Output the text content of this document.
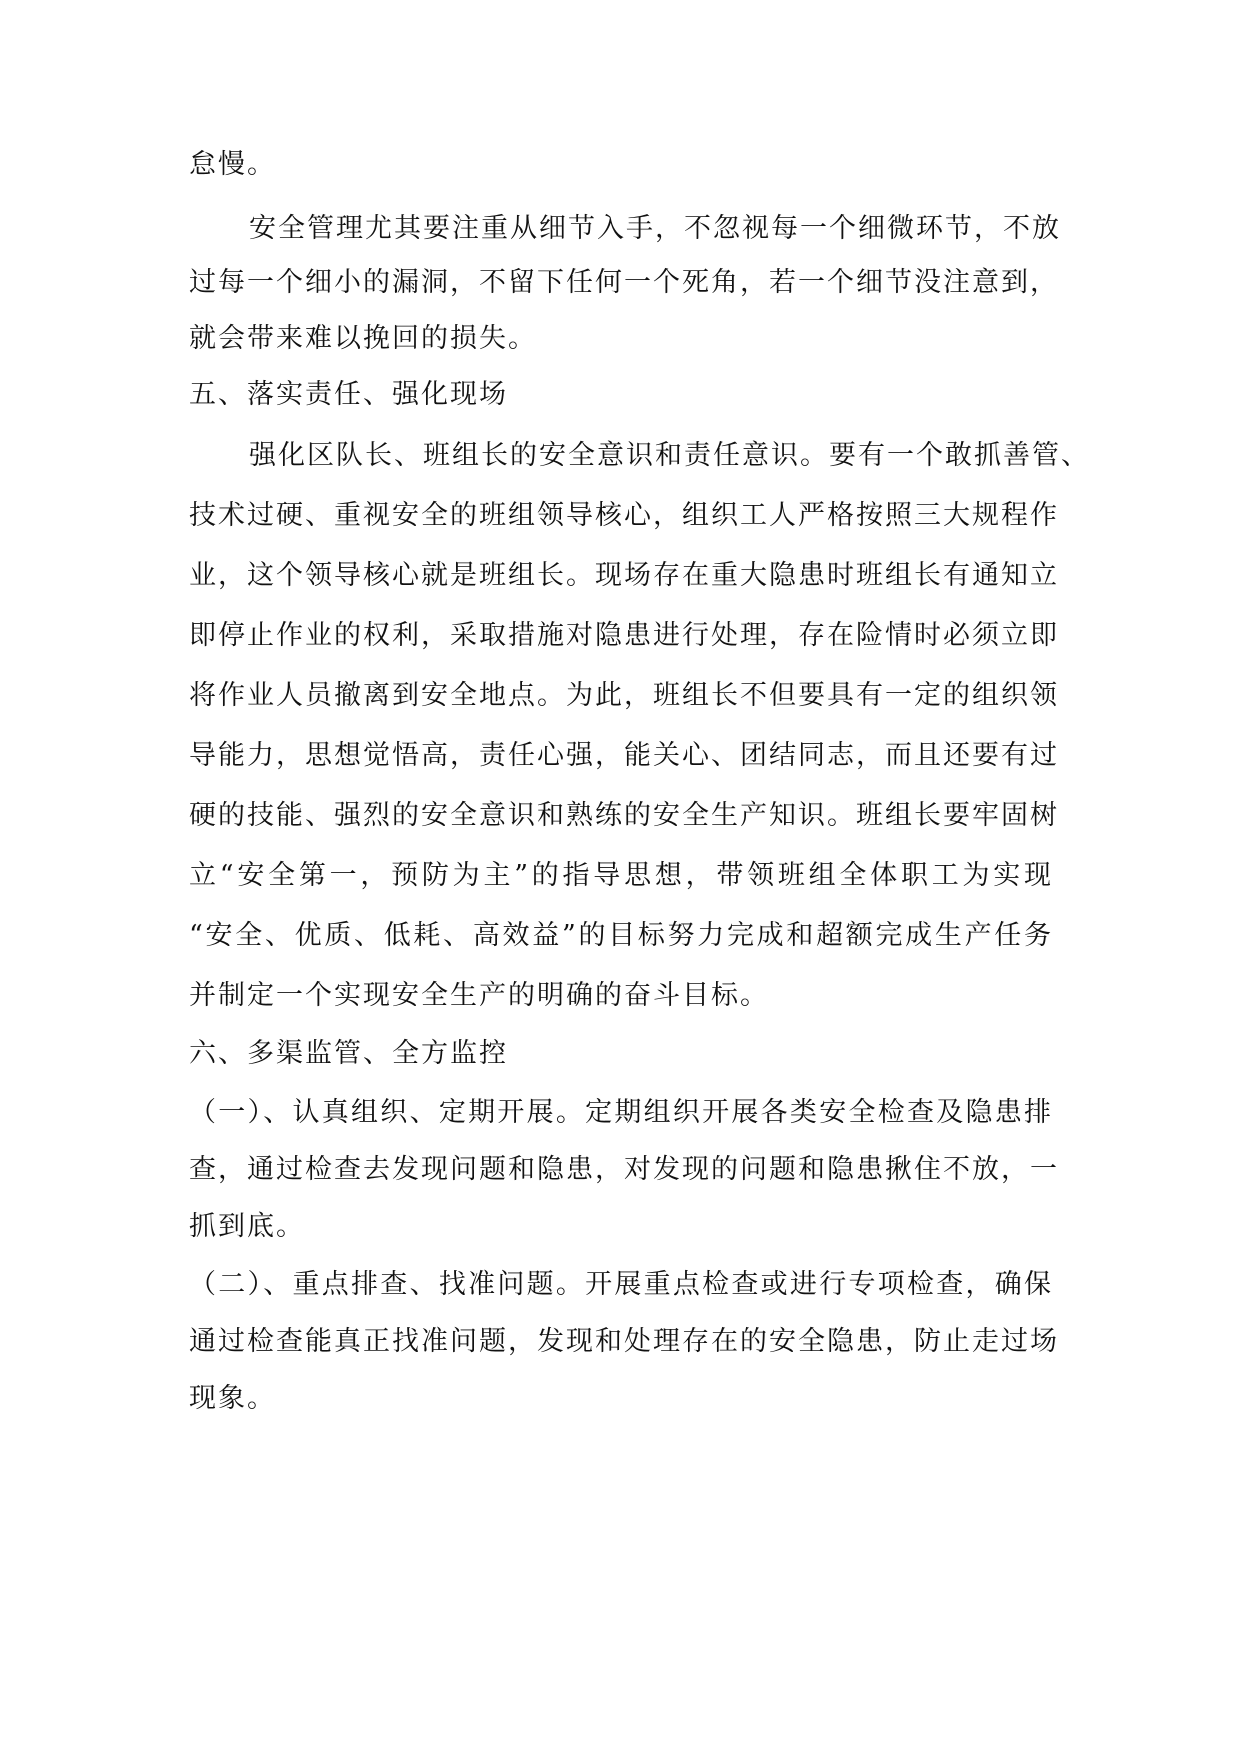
怠慢。
安全管理尤其要注重从细节入手，不忽视每一个细微环节，不放
过每一个细小的漏洞，不留下任何一个死角，若一个细节没注意到，
就会带来难以挽回的损失。
五、落实责任、强化现场
强化区队长、班组长的安全意识和责任意识。要有一个敢抓善管、
技术过硬、重视安全的班组领导核心，组织工人严格按照三大规程作
业，这个领导核心就是班组长。现场存在重大隐患时班组长有通知立
即停止作业的权利，采取措施对隐患进行处理，存在险情时必须立即
将作业人员撤离到安全地点。为此，班组长不但要具有一定的组织领
导能力，思想觉悟高，责任心强，能关心、团结同志，而且还要有过
硬的技能、强烈的安全意识和熟练的安全生产知识。班组长要牢固树
立“安全第一，预防为主”的指导思想，带领班组全体职工为实现
“安全、优质、低耗、高效益”的目标努力完成和超额完成生产任务
并制定一个实现安全生产的明确的奋斗目标。
六、多渠监管、全方监控
（一）、认真组织、定期开展。定期组织开展各类安全检查及隐患排
查，通过检查去发现问题和隐患，对发现的问题和隐患揪住不放，一
抓到底。
（二）、重点排查、找准问题。开展重点检查或进行专项检查，确保
通过检查能真正找准问题，发现和处理存在的安全隐患，防止走过场
现象。
